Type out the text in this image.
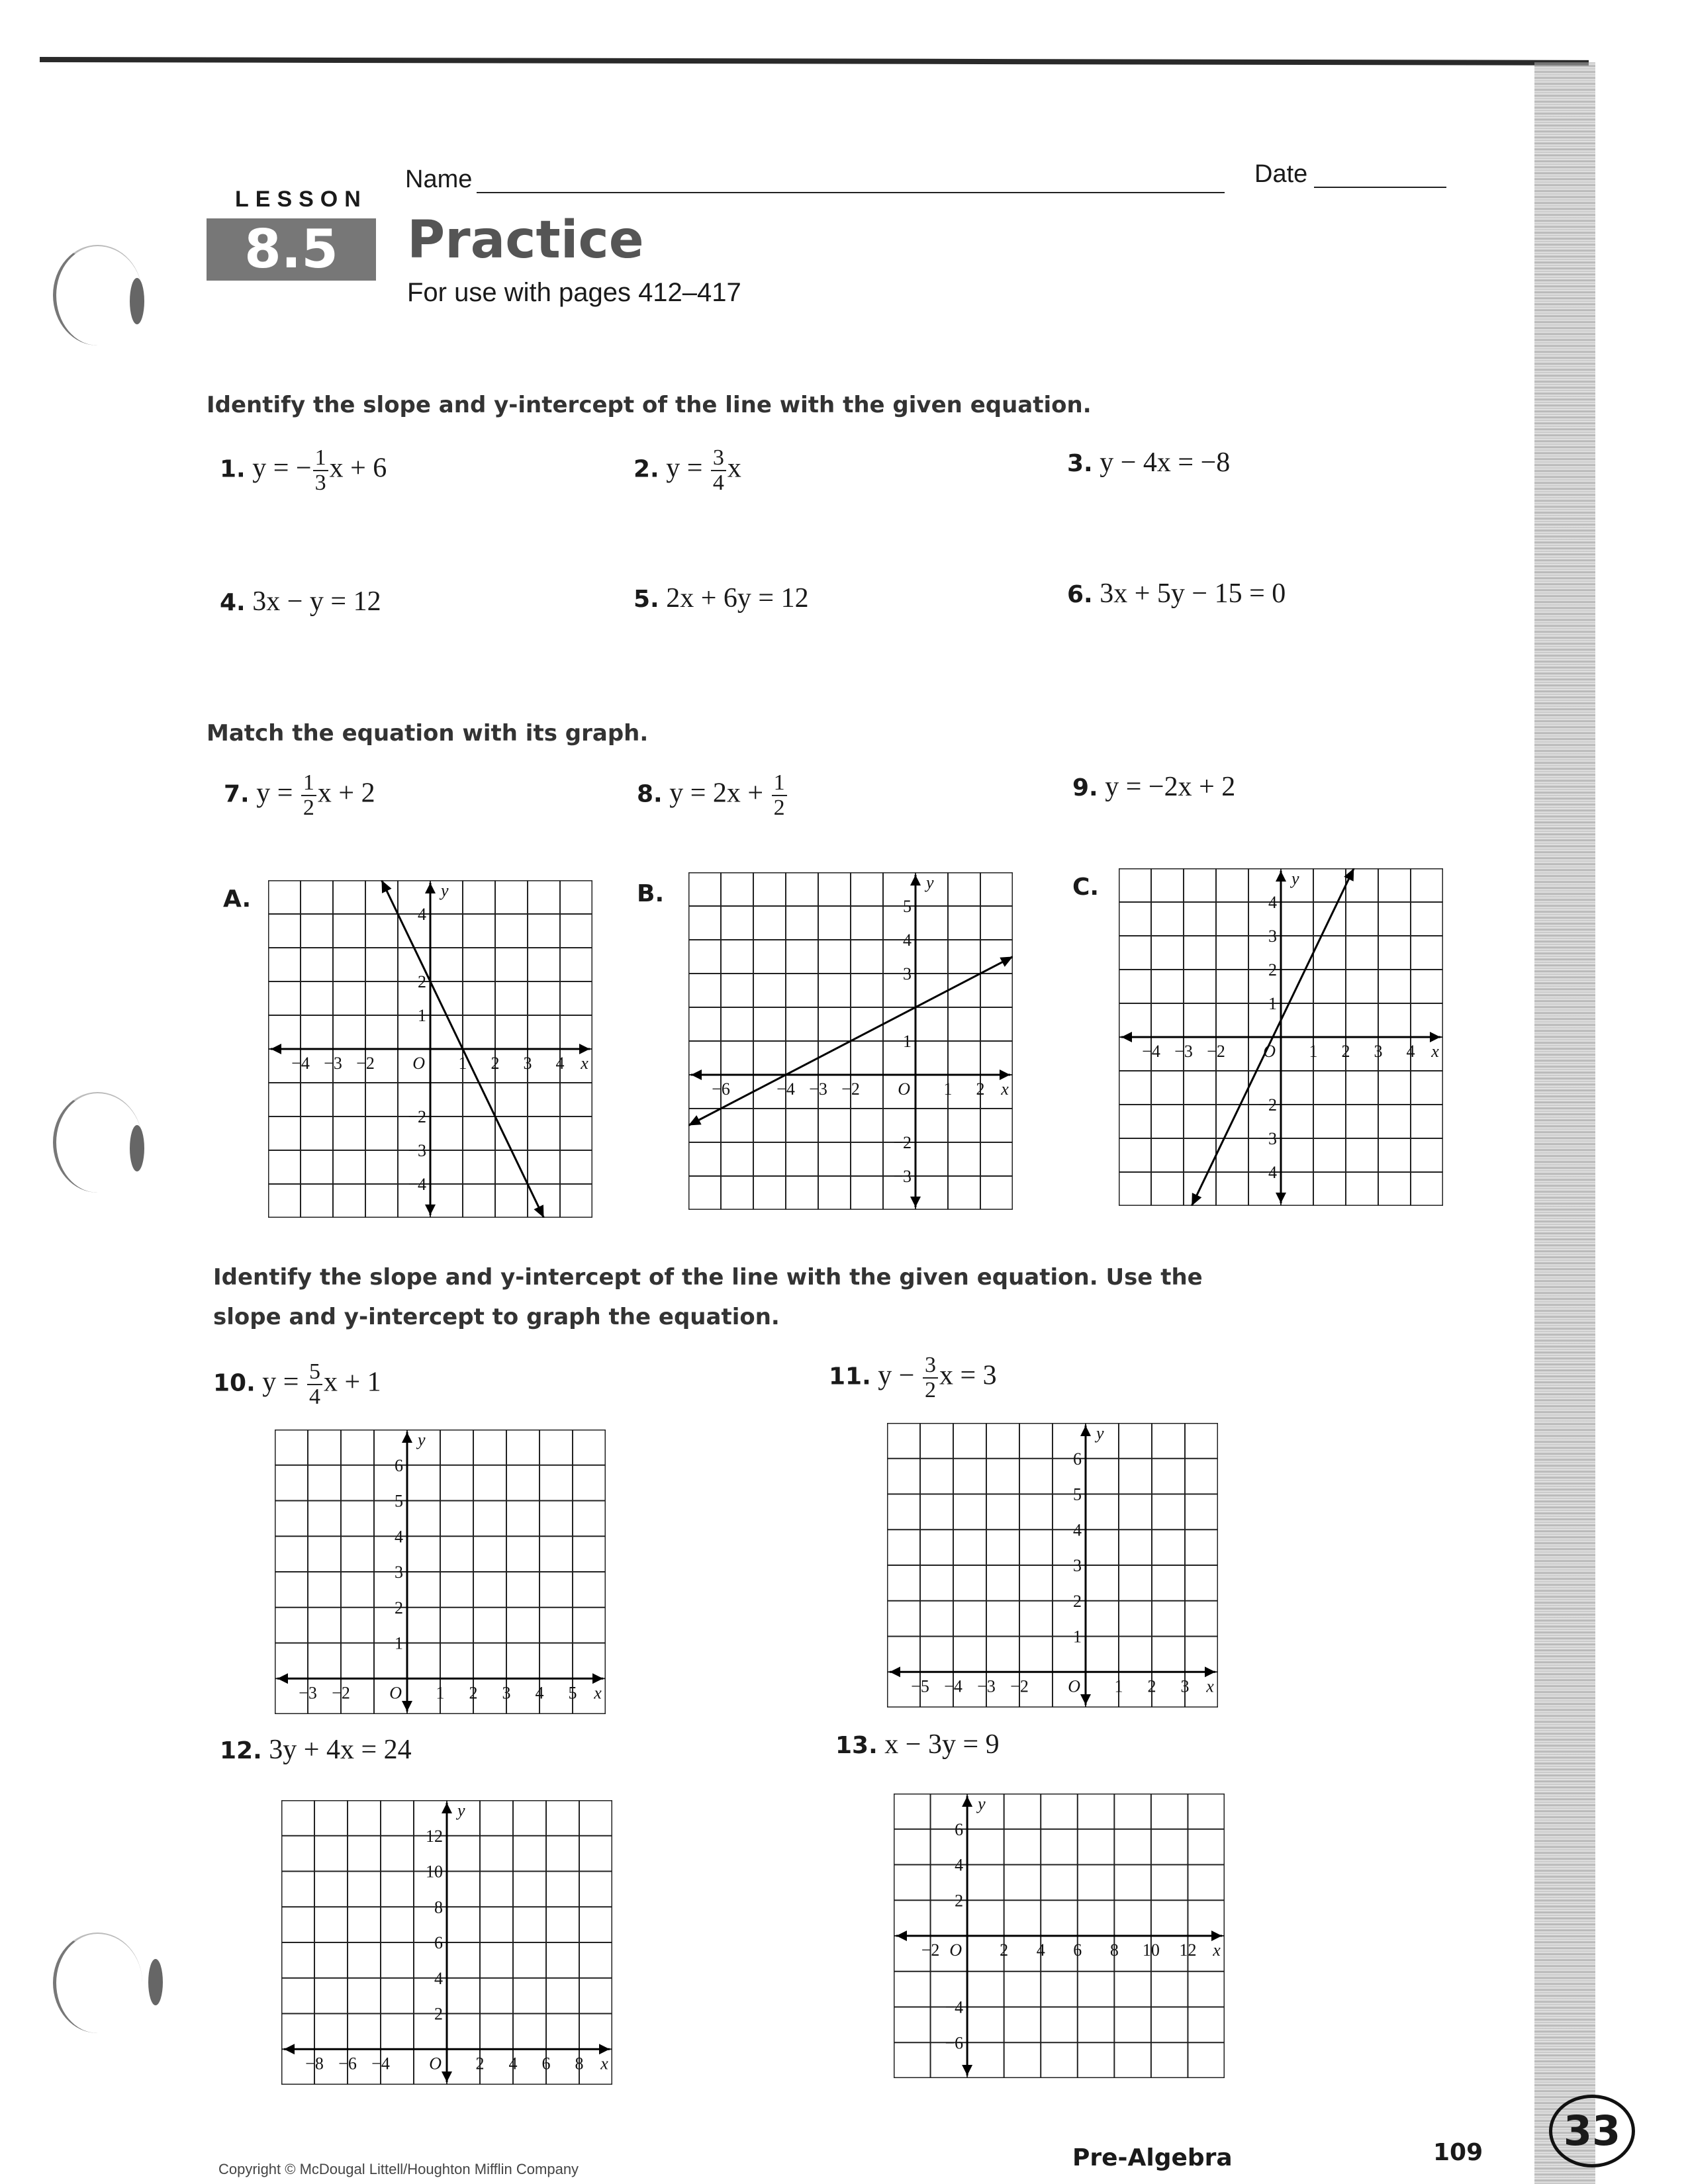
LESSON
8.5
Name	Date
Practice
For use with pages 412–417
Identify the slope and y-intercept of the line with the given equation.
1. y = − $\frac{1}{3}$ x + 6	2. $y = \frac{3}{4}$ x	3. y − 4x = −8
4. 3x − y = 12	5. 2x + 6y = 12	6. 3x + 5y − 15 = 0
Match the equation with its graph.
7. $y = \frac{1}{2}$ x + 2	8. $y = 2x + \frac{1}{2}$	9. y = −2x + 2
A.	B.	C.
−4 −3 −2	1 2 3 4
4
2
1
−2
−3
−4
x
y
O
−6	−4 −3 −2	1 2
5
4
3
1
−2
−3
x
y
O
−4 −3 −2	1 2 3 4
4
3
2
1
−2
−3
−4
x
y
O
Identify the slope and y-intercept of the line with the given equation. Use the
slope and y-intercept to graph the equation.
10. $y = \frac{5}{4}$ x + 1	11. $y - \frac{3}{2}$ x = 3
−3 −2	1 2 3 4 5
6
5
4
3
2
1
x
y
O	−5 −4 −3 −2	1 2 3
6
5
4
3
2
1
x
y
O
12. 3y + 4x = 24	13. x − 3y = 9
−8 −6 −4	2 4 6 8
12
10
8
6
4
2
x
y
O
−2	2 4 6 8 10 12
6
4
2
−4
−6
x
y
O
Copyright © McDougal Littell/Houghton Mifflin Company	Pre-Algebra	109	33
